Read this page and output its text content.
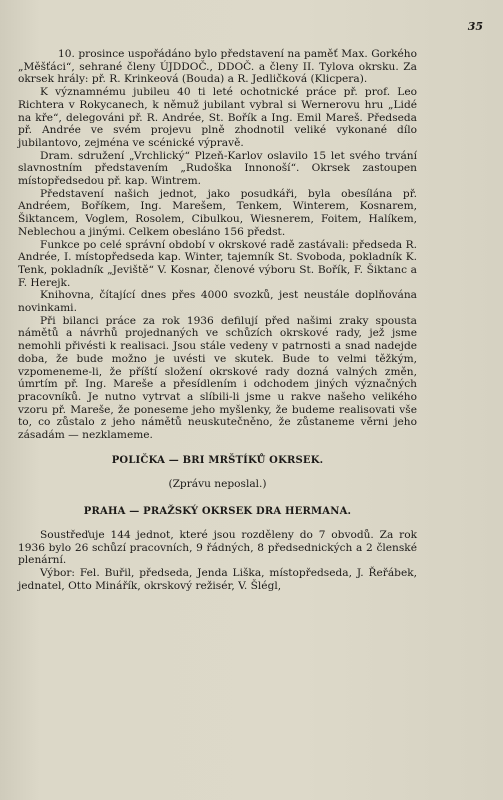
35

10. prosince uspořádáno bylo představení na paměť Max. Gorkého „Měšťáci“, sehrané členy ÚJDDOČ., DDOČ. a členy II. Tylova okrsku. Za okrsek hrály: př. R. Krinkeová (Bouda) a R. Jedličková (Klicpera).

K významnému jubileu 40 ti leté ochotnické práce př. prof. Leo Richtera v Rokycanech, k němuž jubilant vybral si Wernerovu hru „Lidé na kře“, delegováni př. R. Andrée, St. Bořík a Ing. Emil Mareš. Předseda př. Andrée ve svém projevu plně zhodnotil veliké vykonané dílo jubilantovo, zejména ve scénické výpravě.

Dram. sdružení „Vrchlický“ Plzeň-Karlov oslavilo 15 let svého trvání slavnostním představením „Rudoška Innonoší“. Okrsek zastoupen místopředsedou př. kap. Wintrem.

Představení našich jednot, jako posudkáři, byla obesílána př. Andréem, Boříkem, Ing. Marešem, Tenkem, Winterem, Kosnarem, Šiktancem, Voglem, Rosolem, Cibulkou, Wiesnerem, Foitem, Halíkem, Neblechou a jinými. Celkem obesláno 156 předst.

Funkce po celé správní období v okrskové radě zastávali: předseda R. Andrée, I. místopředseda kap. Winter, tajemník St. Svoboda, pokladník K. Tenk, pokladník „Jeviště“ V. Kosnar, členové výboru St. Bořík, F. Šiktanc a F. Herejk.

Knihovna, čítající dnes přes 4000 svozků, jest neustále doplňována novinkami.

Při bilanci práce za rok 1936 defilují před našimi zraky spousta námětů a návrhů projednaných ve schůzích okrskové rady, jež jsme nemohli přivésti k realisaci. Jsou stále vedeny v patrnosti a snad nadejde doba, že bude možno je uvésti ve skutek. Bude to velmi těžkým, vzpomeneme-li, že příští složení okrskové rady dozná valných změn, úmrtím př. Ing. Mareše a přesídlením i odchodem jiných význačných pracovníků. Je nutno vytrvat a slíbili-li jsme u rakve našeho velikého vzoru př. Mareše, že poneseme jeho myšlenky, že budeme realisovati vše to, co zůstalo z jeho námětů neuskutečněno, že zůstaneme věrni jeho zásadám — nezklameme.

POLIČKA — BRI MRŠTÍKŮ OKRSEK.

(Zprávu neposlal.)

PRAHA — PRAŽSKÝ OKRSEK DRA HERMANA.

Soustřeďuje 144 jednot, které jsou rozděleny do 7 obvodů. Za rok 1936 bylo 26 schůzí pracovních, 9 řádných, 8 předsednických a 2 členské plenární.

Výbor: Fel. Buřil, předseda, Jenda Liška, místopředseda, J. Řeřábek, jednatel, Otto Minářík, okrskový režisér, V. Šlégl,
